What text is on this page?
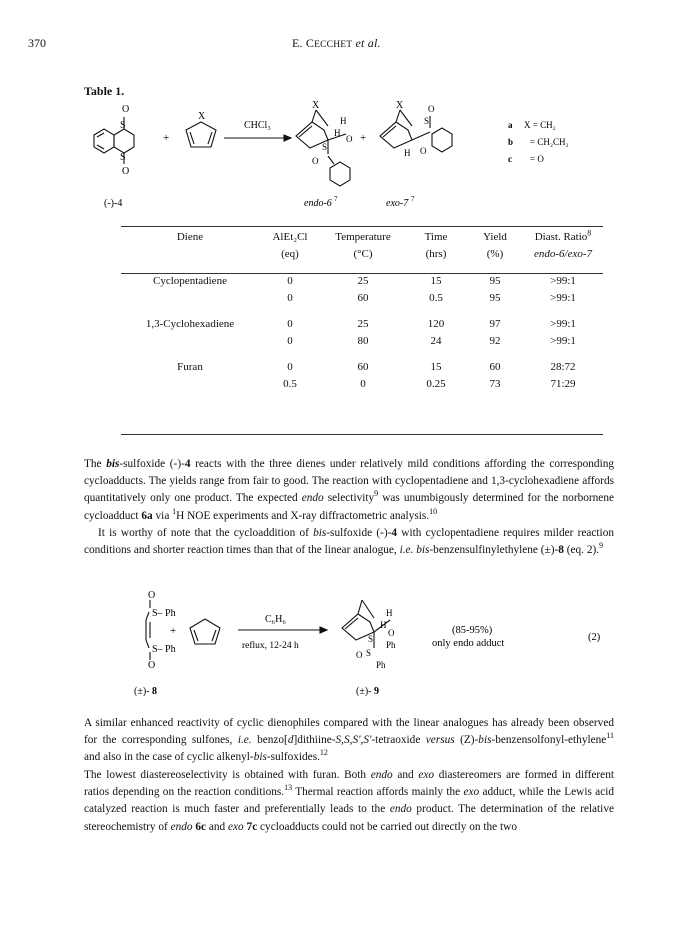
370	E. CECCHET et al.
Table 1.
O
S
S
O
+
X
CHCl₃
X
H
H
S
O
O
+
X	O
S
H O
(-)-4	endo-6 7	exo-7 7
a X = CH₂
b = CH₂CH₂
c = O
Diene	AlEt₂Cl	Temperature	Time	Yield	Diast. Ratio$^8$
	(eq)	(°C)	(hrs)	(%)	endo-6/exo-7

Cyclopentadiene	0	25	15	95	>99:1
	0	60	0.5	95	>99:1

1,3-Cyclohexadiene	0	25	120	97	>99:1
	0	80	24	92	>99:1

Furan	0	60	15	60	28:72
	0.5	0	0.25	73	71:29
The bis-sulfoxide (-)-4 reacts with the three dienes under relatively mild conditions affording the corresponding cycloadducts. The yields range from fair to good. The reaction with cyclopentadiene and 1,3-cyclohexadiene affords quantitatively only one product. The expected endo selectivity$^9$ was unumbigously determined for the norbornene cycloadduct 6a via $^1$H NOE experiments and X-ray diffractometric analysis.$^{10}$
It is worthy of note that the cycloaddition of bis-sulfoxide (-)-4 with cyclopentadiene requires milder reaction conditions and shorter reaction times than that of the linear analogue, i.e. bis-benzensulfinylethylene (±)-8 (eq. 2).$^9$
O
S– Ph
S– Ph
O
+
C₆H₆
reflux, 12-24 h
H
H
S
O
Ph
O S
Ph
(85-95%)
only endo adduct
(2)
(±)- 8	(±)- 9
A similar enhanced reactivity of cyclic dienophiles compared with the linear analogues has already been observed for the corresponding sulfones, i.e. benzo[d]dithiine-S,S,S',S'-tetraoxide versus (Z)-bis-benzensolfonyl-ethylene$^{11}$ and also in the case of cyclic alkenyl-bis-sulfoxides.$^{12}$
The lowest diastereoselectivity is obtained with furan. Both endo and exo diastereomers are formed in different ratios depending on the reaction conditions.$^{13}$ Thermal reaction affords mainly the exo adduct, while the Lewis acid catalyzed reaction is much faster and preferentially leads to the endo product. The determination of the relative stereochemistry of endo 6c and exo 7c cycloadducts could not be carried out directly on the two
